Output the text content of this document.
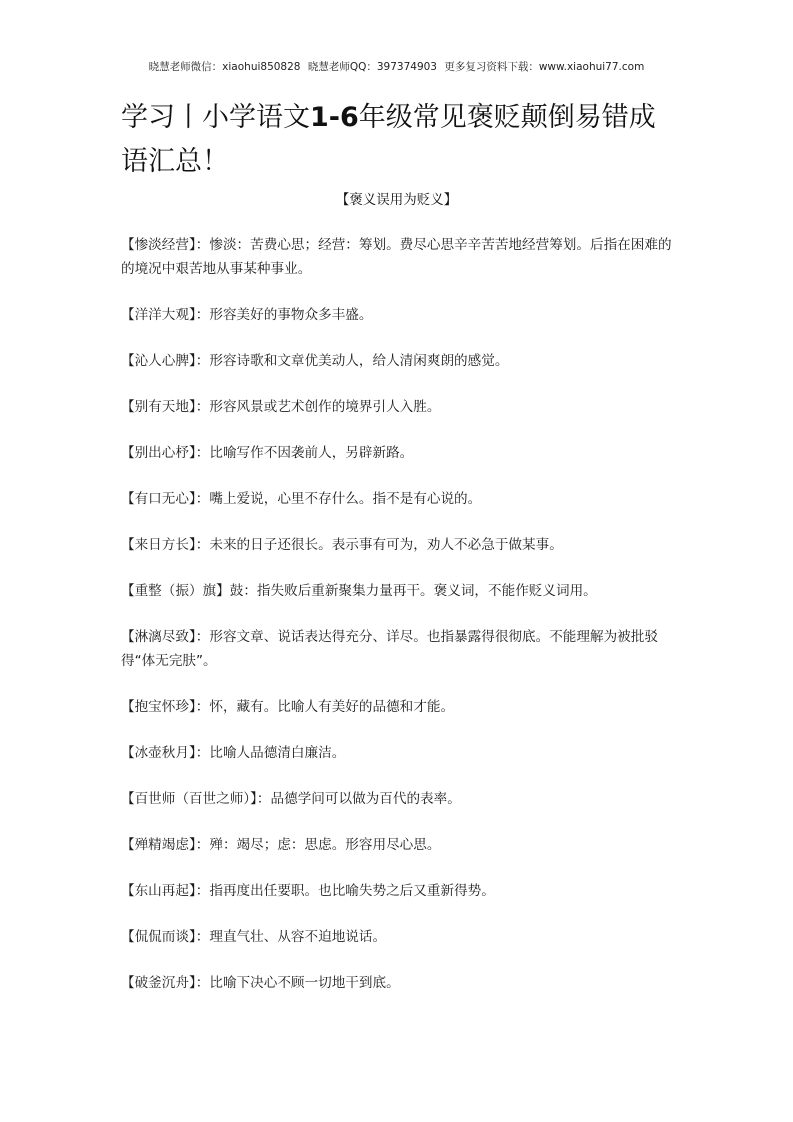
晓慧老师微信：xiaohui850828 晓慧老师QQ：397374903 更多复习资料下载：www.xiaohui77.com
学习丨小学语文1-6年级常见褒贬颠倒易错成语汇总！
【褒义误用为贬义】

【惨淡经营】：惨淡：苦费心思；经营：筹划。费尽心思辛辛苦苦地经营筹划。后指在困难的的境况中艰苦地从事某种事业。

【洋洋大观】：形容美好的事物众多丰盛。

【沁人心脾】：形容诗歌和文章优美动人，给人清闲爽朗的感觉。

【别有天地】：形容风景或艺术创作的境界引人入胜。

【别出心杼】：比喻写作不因袭前人，另辟新路。

【有口无心】：嘴上爱说，心里不存什么。指不是有心说的。

【来日方长】：未来的日子还很长。表示事有可为，劝人不必急于做某事。

【重整（振）旗】鼓：指失败后重新聚集力量再干。褒义词，不能作贬义词用。

【淋漓尽致】：形容文章、说话表达得充分、详尽。也指暴露得很彻底。不能理解为被批驳得“体无完肤”。

【抱宝怀珍】：怀，藏有。比喻人有美好的品德和才能。

【冰壶秋月】：比喻人品德清白廉洁。

【百世师（百世之师）】：品德学问可以做为百代的表率。

【殚精竭虑】：殚：竭尽；虑：思虑。形容用尽心思。

【东山再起】：指再度出任要职。也比喻失势之后又重新得势。

【侃侃而谈】：理直气壮、从容不迫地说话。

【破釜沉舟】：比喻下决心不顾一切地干到底。
